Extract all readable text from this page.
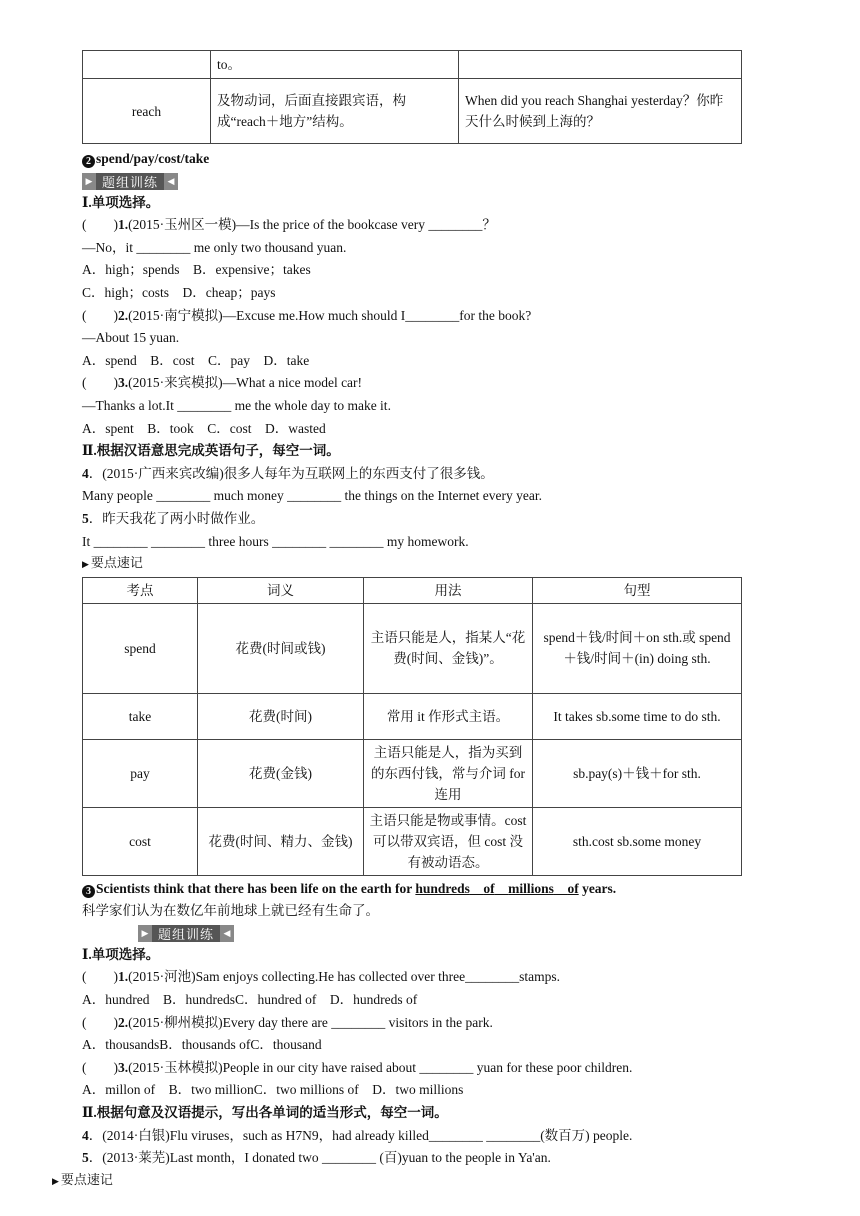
	to。	
reach	及物动词，后面直接跟宾语，构成“reach＋地方”结构。	When did you reach Shanghai yesterday？你昨天什么时候到上海的？
2 spend/pay/cost/take
▶ 题组训练	◀
Ⅰ.单项选择。
(　　)1.(2015·玉州区一模)—Is the price of the bookcase very ________？
—No，it ________ me only two thousand yuan.
A．high；spends　B．expensive；takes
C．high；costs　D．cheap；pays
(　　)2.(2015·南宁模拟)—Excuse me.How much should I________for the book?
—About 15 yuan.
A．spend　B．cost　C．pay　D．take
(　　)3.(2015·来宾模拟)—What a nice model car!
—Thanks a lot.It ________ me the whole day to make it.
A．spent　B．took　C．cost　D．wasted
Ⅱ.根据汉语意思完成英语句子，每空一词。
4．(2015·广西来宾改编)很多人每年为互联网上的东西支付了很多钱。
Many people ________ much money ________ the things on the Internet every year.
5．昨天我花了两小时做作业。
It ________ ________ three hours ________ ________ my homework.
▶ 要点速记
考点	词义	用法	句型
spend	花费(时间或钱)	主语只能是人，指某人“花费(时间、金钱)”。	spend＋钱/时间＋on sth.或 spend＋钱/时间＋(in) doing sth.
take	花费(时间)	常用 it 作形式主语。	It takes sb.some time to do sth.
pay	花费(金钱)	主语只能是人，指为买到的东西付钱，常与介词 for 连用	sb.pay(s)＋钱＋for sth.
cost	花费(时间、精力、金钱)	主语只能是物或事情。cost 可以带双宾语，但 cost 没有被动语态。	sth.cost sb.some money
3 Scientists think that there has been life on the earth for hundreds　 of　 millions　 of years.
科学家们认为在数亿年前地球上就已经有生命了。
▶ 题组训练	◀
Ⅰ.单项选择。
(　　)1.(2015·河池)Sam enjoys collecting.He has collected over three________stamps.
A．hundred　B．hundredsC．hundred of　D．hundreds of
(　　)2.(2015·柳州模拟)Every day there are ________ visitors in the park.
A．thousandsB．thousands ofC．thousand
(　　)3.(2015·玉林模拟)People in our city have raised about ________ yuan for these poor children.
A．millon of　B．two millionC．two millions of　D．two millions
Ⅱ.根据句意及汉语提示，写出各单词的适当形式，每空一词。
4．(2014·白银)Flu viruses，such as H7N9，had already killed________ ________(数百万) people.
5．(2013·莱芜)Last month，I donated two ________ (百)yuan to the people in Ya'an.
▶ 要点速记
